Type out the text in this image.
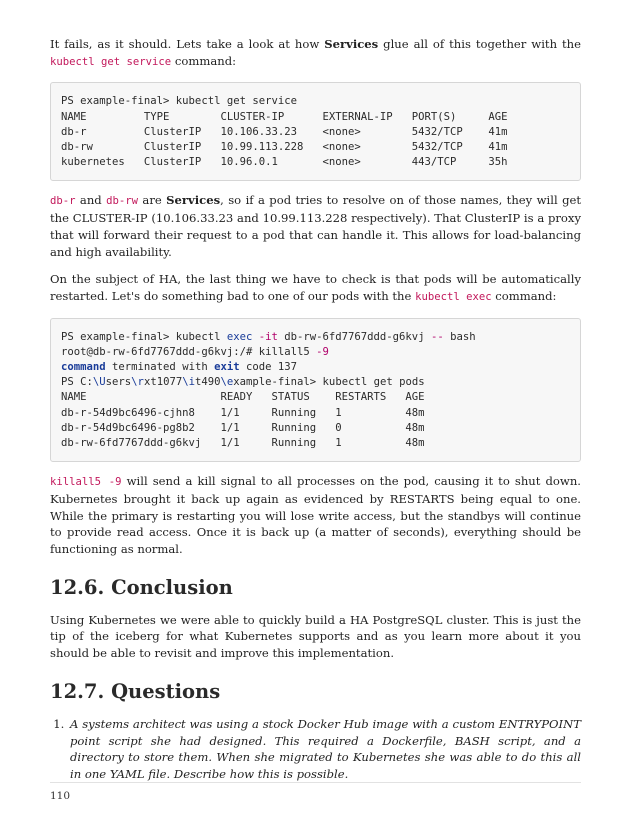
It fails, as it should. Lets take a look at how Services glue all of this together with the kubectl get service command:

PS example-final> kubectl get service
NAME         TYPE        CLUSTER-IP      EXTERNAL-IP   PORT(S)     AGE
db-r         ClusterIP   10.106.33.23    <none>        5432/TCP    41m
db-rw        ClusterIP   10.99.113.228   <none>        5432/TCP    41m
kubernetes   ClusterIP   10.96.0.1       <none>        443/TCP     35h

db-r and db-rw are Services, so if a pod tries to resolve on of those names, they will get the CLUSTER-IP (10.106.33.23 and 10.99.113.228 respectively). That ClusterIP is a proxy that will forward their request to a pod that can handle it. This allows for load-balancing and high availability.

On the subject of HA, the last thing we have to check is that pods will be automatically restarted. Let's do something bad to one of our pods with the kubectl exec command:

PS example-final> kubectl exec -it db-rw-6fd7767ddd-g6kvj -- bash
root@db-rw-6fd7767ddd-g6kvj:/# killall5 -9
command terminated with exit code 137
PS C:\Users\rxt1077\it490\example-final> kubectl get pods
NAME                     READY   STATUS    RESTARTS   AGE
db-r-54d9bc6496-cjhn8    1/1     Running   1          48m
db-r-54d9bc6496-pg8b2    1/1     Running   0          48m
db-rw-6fd7767ddd-g6kvj   1/1     Running   1          48m

killall5 -9 will send a kill signal to all processes on the pod, causing it to shut down. Kubernetes brought it back up again as evidenced by RESTARTS being equal to one. While the primary is restarting you will lose write access, but the standbys will continue to provide read access. Once it is back up (a matter of seconds), everything should be functioning as normal.

12.6. Conclusion

Using Kubernetes we were able to quickly build a HA PostgreSQL cluster. This is just the tip of the iceberg for what Kubernetes supports and as you learn more about it you should be able to revisit and improve this implementation.

12.7. Questions
1. A systems architect was using a stock Docker Hub image with a custom ENTRYPOINT point script she had designed. This required a Dockerfile, BASH script, and a directory to store them. When she migrated to Kubernetes she was able to do this all in one YAML file. Describe how this is possible.
110
